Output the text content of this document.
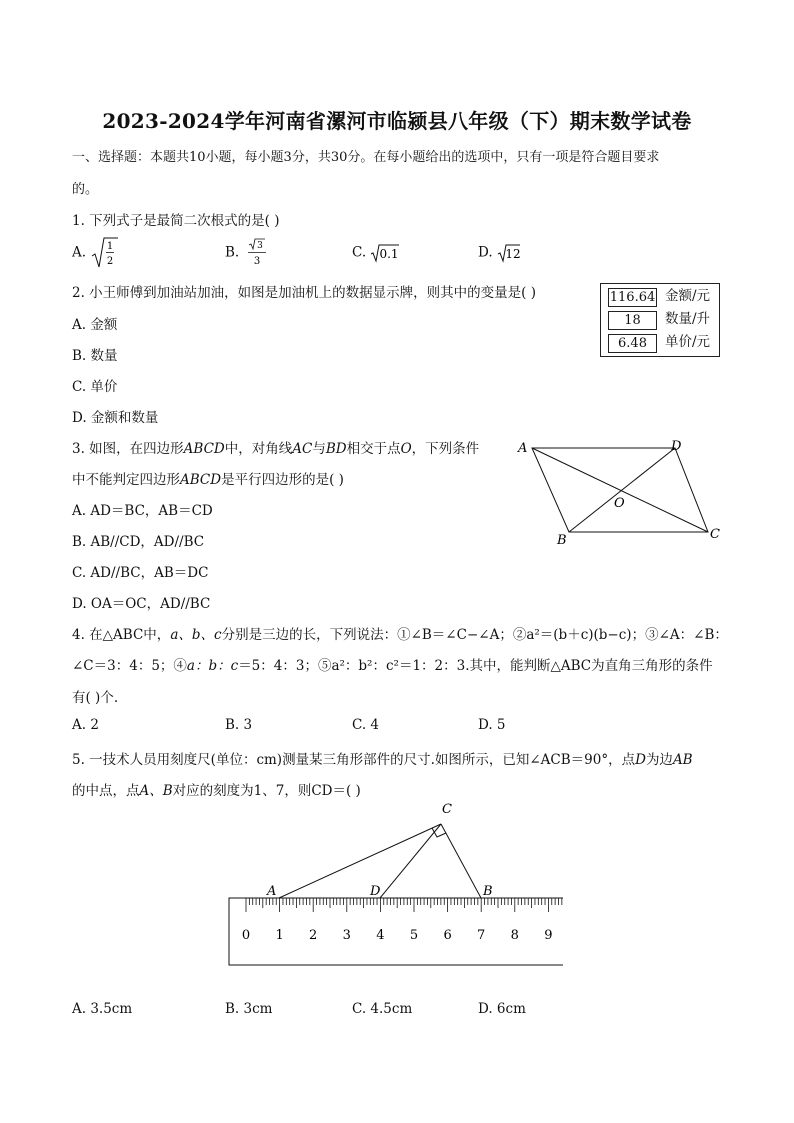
2023-2024学年河南省漯河市临颍县八年级（下）期末数学试卷
一、选择题：本题共10小题，每小题3分，共30分。在每小题给出的选项中，只有一项是符合题目要求
的。
1. 下列式子是最简二次根式的是( )
A. 1
2
B. 3
3
C. 0.1	D. 12
2. 小王师傅到加油站加油，如图是加油机上的数据显示牌，则其中的变量是( )
A. 金额
B. 数量
C. 单价
D. 金额和数量
116.64 金额/元
18	数量/升
6.48	单价/元
3. 如图，在四边形ABCD中，对角线AC与BD相交于点O，下列条件
中不能判定四边形ABCD是平行四边形的是( )
A. AD＝BC，AB＝CD
B. AB//CD，AD//BC
C. AD//BC，AB＝DC
D. OA＝OC，AD//BC
A	D
O
C
B
4. 在△ABC中，a、b、c分别是三边的长，下列说法：①∠B＝∠C−∠A；②a²＝(b＋c)(b−c)；③∠A：∠B：
∠C＝3：4：5；④a：b：c＝5：4：3；⑤a²：b²：c²＝1：2：3.其中，能判断△ABC为直角三角形的条件
有( )个.
A. 2	B. 3	C. 4	D. 5
5. 一技术人员用刻度尺(单位：cm)测量某三角形部件的尺寸.如图所示，已知∠ACB＝90°，点D为边AB
的中点，点A、B对应的刻度为1、7，则CD＝( )
A	D	B
C
0 1 2 3 4 5 6 7 8 9
A. 3.5cm	B. 3cm	C. 4.5cm	D. 6cm
